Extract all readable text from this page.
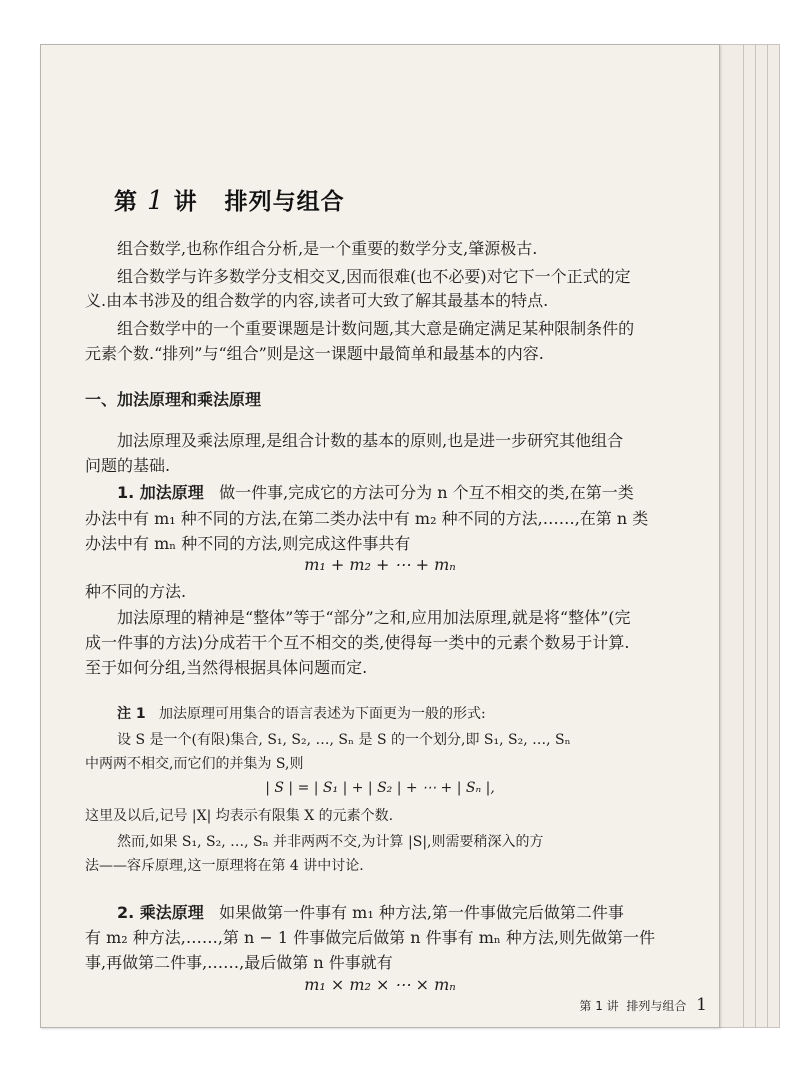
第 1 讲 排列与组合
组合数学,也称作组合分析,是一个重要的数学分支,肇源极古.
组合数学与许多数学分支相交叉,因而很难(也不必要)对它下一个正式的定
义.由本书涉及的组合数学的内容,读者可大致了解其最基本的特点.
组合数学中的一个重要课题是计数问题,其大意是确定满足某种限制条件的
元素个数.“排列”与“组合”则是这一课题中最简单和最基本的内容.
一、加法原理和乘法原理
加法原理及乘法原理,是组合计数的基本的原则,也是进一步研究其他组合
问题的基础.
1. 加法原理 做一件事,完成它的方法可分为 n 个互不相交的类,在第一类
办法中有 m₁ 种不同的方法,在第二类办法中有 m₂ 种不同的方法,……,在第 n 类
办法中有 mₙ 种不同的方法,则完成这件事共有
m₁ + m₂ + ⋯ + mₙ
种不同的方法.
加法原理的精神是“整体”等于“部分”之和,应用加法原理,就是将“整体”(完
成一件事的方法)分成若干个互不相交的类,使得每一类中的元素个数易于计算.
至于如何分组,当然得根据具体问题而定.
注 1 加法原理可用集合的语言表述为下面更为一般的形式:
设 S 是一个(有限)集合, S₁, S₂, …, Sₙ 是 S 的一个划分,即 S₁, S₂, …, Sₙ
中两两不相交,而它们的并集为 S,则
| S | = | S₁ | + | S₂ | + ⋯ + | Sₙ |,
这里及以后,记号 |X| 均表示有限集 X 的元素个数.
然而,如果 S₁, S₂, …, Sₙ 并非两两不交,为计算 |S|,则需要稍深入的方
法——容斥原理,这一原理将在第 4 讲中讨论.
2. 乘法原理 如果做第一件事有 m₁ 种方法,第一件事做完后做第二件事
有 m₂ 种方法,……,第 n − 1 件事做完后做第 n 件事有 mₙ 种方法,则先做第一件
事,再做第二件事,……,最后做第 n 件事就有
m₁ × m₂ × ⋯ × mₙ
第 1 讲 排列与组合 1
